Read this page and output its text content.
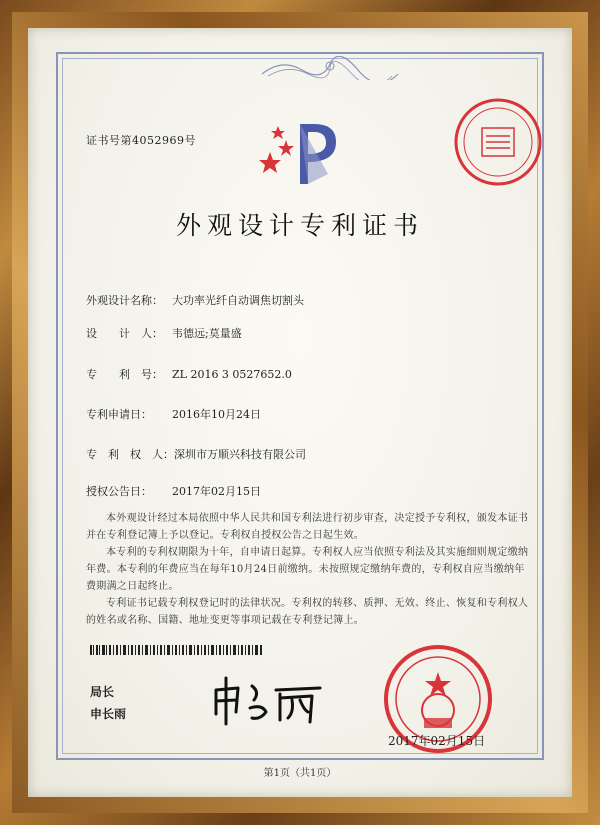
证书号第4052969号
外观设计专利证书
外观设计名称： 大功率光纤自动调焦切割头
设　　计　人： 韦德远;莫量盛
专　　利　号： ZL 2016 3 0527652.0
专利申请日： 2016年10月24日
专　利　权　人：深圳市万顺兴科技有限公司
授权公告日： 2017年02月15日
本外观设计经过本局依照中华人民共和国专利法进行初步审查，决定授予专利权，颁发本证书并在专利登记簿上予以登记。专利权自授权公告之日起生效。
本专利的专利权期限为十年，自申请日起算。专利权人应当依照专利法及其实施细则规定缴纳年费。本专利的年费应当在每年10月24日前缴纳。未按照规定缴纳年费的，专利权自应当缴纳年费期满之日起终止。
专利证书记载专利权登记时的法律状况。专利权的转移、质押、无效、终止、恢复和专利权人的姓名或名称、国籍、地址变更等事项记载在专利登记簿上。
局长
申长雨
2017年02月15日
第1页（共1页）
